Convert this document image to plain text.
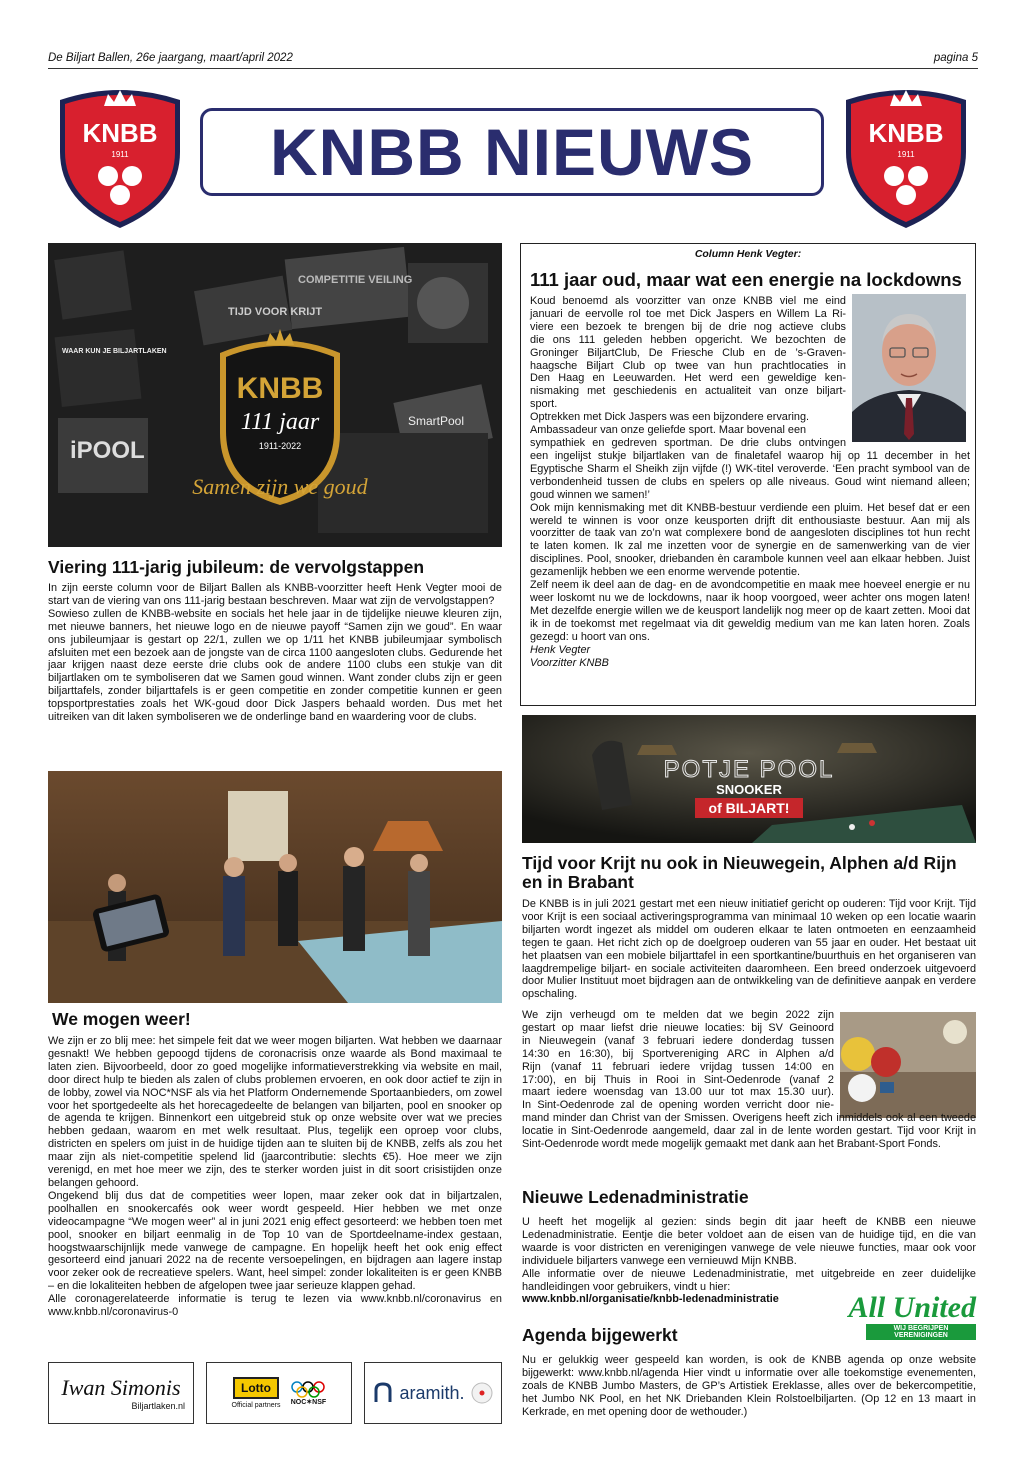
De Biljart Ballen, 26e jaargang, maart/april 2022	pagina 5
KNBB
1911
KNBB
1911
KNBB NIEUWS
TIJD VOOR KRIJT
iPOOL
SmartPool
WAAR KUN JE BILJARTLAKEN
COMPETITIE VEILING
KNBB
111 jaar
1911-2022
Samen zijn we goud
Viering 111-jarig jubileum: de vervolgstappen

In zijn eerste column voor de Biljart Ballen als KNBB-voorzitter heeft Henk Vegter mooi de start van de viering van ons 111-jarig bestaan beschreven. Maar wat zijn de vervolgstappen?

Sowieso zullen de KNBB-website en socials het hele jaar in de tijdelijke nieuwe kleuren zijn, met nieuwe banners, het nieuwe logo en de nieuwe payoff “Samen zijn we goud”. En waar ons jubileumjaar is gestart op 22/1, zullen we op 1/11 het KNBB jubileumjaar symbolisch afsluiten met een bezoek aan de jongste van de circa 1100 aangesloten clubs. Gedurende het jaar krijgen naast deze eerste drie clubs ook de andere 1100 clubs een stukje van dit biljartlaken om te symboliseren dat we Samen goud winnen. Want zonder clubs zijn er geen biljarttafels, zonder biljarttafels is er geen competitie en zonder competitie kunnen er geen topsportprestaties zoals het WK-goud door Dick Jaspers behaald worden. Dus met het uitreiken van dit laken symboliseren we de onderlinge band en waardering voor de clubs.

We mogen weer!

We zijn er zo blij mee: het simpele feit dat we weer mogen biljarten. Wat hebben we daarnaar gesnakt! We hebben gepoogd tijdens de coronacrisis onze waarde als Bond maximaal te laten zien. Bijvoorbeeld, door zo goed mogelijke informatieverstrekking via website en mail, door direct hulp te bieden als zalen of clubs problemen ervoeren, en ook door actief te zijn in de lobby, zowel via NOC*NSF als via het Platform Ondernemende Sportaanbieders, om zowel voor het sportgedeelte als het horecagedeelte de belangen van biljarten, pool en snooker op de agenda te krijgen. Binnenkort een uitgebreid stuk op onze website over wat we precies hebben gedaan, waarom en met welk resultaat. Plus, tegelijk een oproep voor clubs, districten en spelers om juist in de huidige tijden aan te sluiten bij de KNBB, zelfs als zou het maar zijn als niet-competitie spelend lid (jaarcontributie: slechts €5). Hoe meer we zijn verenigd, en met hoe meer we zijn, des te sterker worden juist in dit soort crisistijden onze belangen gehoord.

Ongekend blij dus dat de competities weer lopen, maar zeker ook dat in biljartzalen, poolhallen en snookercafés ook weer wordt gespeeld. Hier hebben we met onze videocampagne “We mogen weer” al in juni 2021 enig effect gesorteerd: we hebben toen met pool, snooker en biljart eenmalig in de Top 10 van de Sportdeelname-index gestaan, hoogstwaarschijnlijk mede vanwege de campagne. En hopelijk heeft het ook enig effect gesorteerd eind januari 2022 na de recente versoepelingen, en bijdragen aan lagere instap voor zeker ook de recreatieve spelers. Want, heel simpel: zonder lokaliteiten is er geen KNBB – en die lokaliteiten hebben de afgelopen twee jaar serieuze klappen gehad.

Alle coronagerelateerde informatie is terug te lezen via www.knbb.nl/coronavirus en www.knbb.nl/coronavirus-0

Iwan Simonis
Biljartlaken.nl
Lotto
Official partners NOC✶NSF	aramith.
Column Henk Vegter:
111 jaar oud, maar wat een energie na lockdowns
Koud benoemd als voorzitter van onze KNBB viel me eind
januari de eervolle rol toe met Dick Jaspers en Willem La Ri-
viere een bezoek te brengen bij de drie nog actieve clubs
die ons 111 geleden hebben opgericht. We bezochten de
Groninger BiljartClub, De Friesche Club en de ’s-Graven-
haagsche Biljart Club op twee van hun prachtlocaties in
Den Haag en Leeuwarden. Het werd een geweldige ken-
nismaking met geschiedenis en actualiteit van onze biljart-
sport.
Optrekken met Dick Jaspers was een bijzondere ervaring.
Ambassadeur van onze geliefde sport. Maar bovenal een
sympathiek en gedreven sportman. De drie clubs ontvingen

een ingelijst stukje biljartlaken van de finaletafel waarop hij op 11 december in het Egyptische Sharm el Sheikh zijn vijfde (!) WK-titel veroverde. ‘Een pracht symbool van de verbondenheid tussen de clubs en spelers op alle niveaus. Goud wint niemand alleen; goud winnen we samen!’

Ook mijn kennismaking met dit KNBB-bestuur verdiende een pluim. Het besef dat er een wereld te winnen is voor onze keusporten drijft dit enthousiaste bestuur. Aan mij als voorzitter de taak van zo’n wat complexere bond de aangesloten disciplines tot hun recht te laten komen. Ik zal me inzetten voor de synergie en de samenwerking van de vier disciplines. Pool, snooker, driebanden èn carambole kunnen veel aan elkaar hebben. Juist gezamenlijk hebben we een enorme wervende potentie.

Zelf neem ik deel aan de dag- en de avondcompetitie en maak mee hoeveel energie er nu weer loskomt nu we de lockdowns, naar ik hoop voorgoed, weer achter ons mogen laten! Met dezelfde energie willen we de keusport landelijk nog meer op de kaart zetten. Mooi dat ik in de toekomst met regelmaat via dit geweldig medium van me kan laten horen. Zoals gezegd: u hoort van ons.

Henk Vegter

Voorzitter KNBB

POTJE POOL
SNOOKER
of BILJART!
Tijd voor Krijt nu ook in Nieuwegein, Alphen a/d Rijn en in Brabant
De KNBB is in juli 2021 gestart met een nieuw initiatief gericht op ouderen: Tijd voor Krijt. Tijd voor Krijt is een sociaal activeringsprogramma van minimaal 10 weken op een locatie waarin biljarten wordt ingezet als middel om ouderen elkaar te laten ontmoeten en eenzaamheid tegen te gaan. Het richt zich op de doelgroep ouderen van 55 jaar en ouder. Het bestaat uit het plaatsen van een mobiele biljarttafel in een sportkantine/buurthuis en het organiseren van laagdrempelige biljart- en sociale activiteiten daaromheen. Een breed onderzoek uitgevoerd door Mulier Instituut moet bijdragen aan de ontwikkeling van de definitieve aanpak en verdere opschaling.
We zijn verheugd om te melden dat we begin 2022 zijn
gestart op maar liefst drie nieuwe locaties: bij SV Geinoord
in Nieuwegein (vanaf 3 februari iedere donderdag tussen
14:30 en 16:30), bij Sportvereniging ARC in Alphen a/d
Rijn (vanaf 11 februari iedere vrijdag tussen 14:00 en
17:00), en bij Thuis in Rooi in Sint-Oedenrode (vanaf 2
maart iedere woensdag van 13.00 uur tot max 15.30 uur).
In Sint-Oedenrode zal de opening worden verricht door nie-
mand minder dan Christ van der Smissen. Overigens heeft zich inmiddels ook al een tweede locatie in Sint-Oedenrode aangemeld, daar zal in de lente worden gestart. Tijd voor Krijt in Sint-Oedenrode wordt mede mogelijk gemaakt met dank aan het Brabant-Sport Fonds.
Nieuwe Ledenadministratie

U heeft het mogelijk al gezien: sinds begin dit jaar heeft de KNBB een nieuwe Ledenadministratie. Eentje die beter voldoet aan de eisen van de huidige tijd, en die van waarde is voor districten en verenigingen vanwege de vele nieuwe functies, maar ook voor individuele biljarters vanwege een vernieuwd Mijn KNBB.

Alle informatie over de nieuwe Ledenadministratie, met uitgebreide en zeer duidelijke handleidingen voor gebruikers, vindt u hier:

www.knbb.nl/organisatie/knbb-ledenadministratie	All United
WIJ BEGRIJPEN VERENIGINGEN
Agenda bijgewerkt
Nu er gelukkig weer gespeeld kan worden, is ook de KNBB agenda op onze website bijgewerkt: www.knbb.nl/agenda Hier vindt u informatie over alle toekomstige evenementen, zoals de KNBB Jumbo Masters, de GP’s Artistiek Ereklasse, alles over de bekercompetitie, het Jumbo NK Pool, en het NK Driebanden Klein Rolstoelbiljarten. (Op 12 en 13 maart in Kerkrade, en met opening door de wethouder.)
